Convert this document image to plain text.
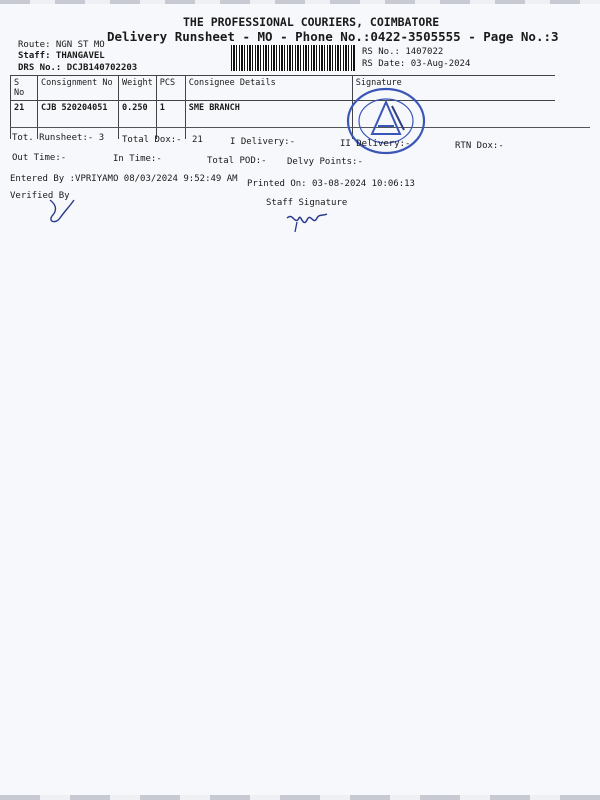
THE PROFESSIONAL COURIERS, COIMBATORE
Delivery Runsheet - MO - Phone No.:0422-3505555 - Page No.:3
Route: NGN ST MO
Staff: THANGAVEL
DRS No.: DCJB140702203
RS No.: 1407022
RS Date: 03-Aug-2024
S No	Consignment No	Weight	PCS	Consignee Details	Signature
21	CJB 520204051	0.250	1	SME BRANCH	
Tot. Runsheet:- 3 Total Dox:- 21	I Delivery:-	II Delivery:-	RTN Dox:-
Out Time:-	In Time:-	Total POD:- Delvy Points:-
Entered By :VPRIYAMO 08/03/2024 9:52:49 AM Printed On: 03-08-2024 10:06:13
Verified By
Staff Signature
